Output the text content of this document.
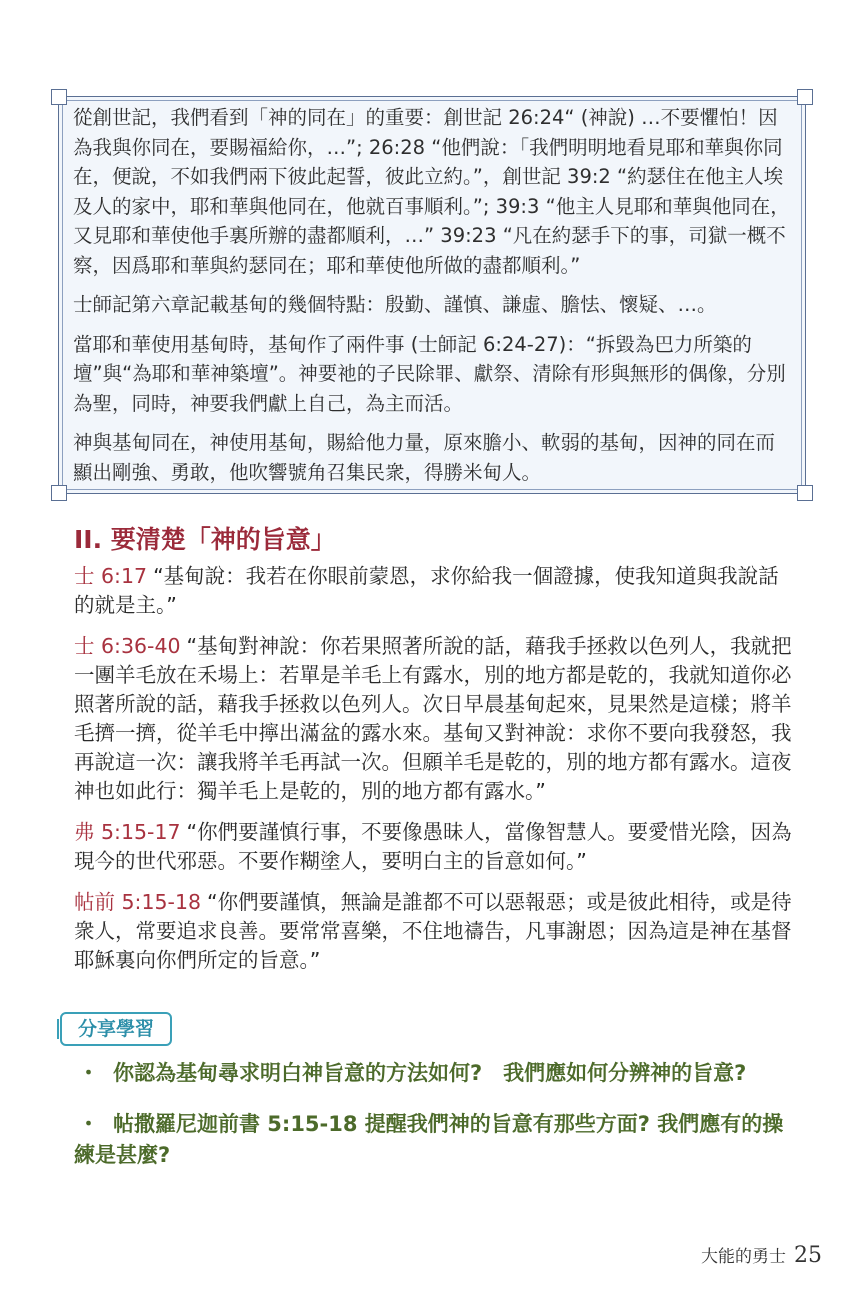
從創世記，我們看到「神的同在」的重要：創世記 26:24“ (神說) …不要懼怕！因為我與你同在，要賜福給你，…”; 26:28 “他們說：「我們明明地看見耶和華與你同在，便說，不如我們兩下彼此起誓，彼此立約。”，創世記 39:2 “約瑟住在他主人埃及人的家中，耶和華與他同在，他就百事順利。”; 39:3 “他主人見耶和華與他同在，又見耶和華使他手裏所辦的盡都順利，…” 39:23 “凡在約瑟手下的事，司獄一概不察，因爲耶和華與約瑟同在；耶和華使他所做的盡都順利。”

士師記第六章記載基甸的幾個特點：殷勤、謹慎、謙虛、膽怯、懷疑、…。

當耶和華使用基甸時，基甸作了兩件事 (士師記 6:24-27)：“拆毀為巴力所築的壇”與“為耶和華神築壇”。神要祂的子民除罪、獻祭、清除有形與無形的偶像，分別為聖，同時，神要我們獻上自己，為主而活。

神與基甸同在，神使用基甸，賜給他力量，原來膽小、軟弱的基甸，因神的同在而顯出剛強、勇敢，他吹響號角召集民衆，得勝米甸人。

II. 要清楚「神的旨意」

士 6:17 “基甸說：我若在你眼前蒙恩，求你給我一個證據，使我知道與我說話的就是主。”

士 6:36-40 “基甸對神說：你若果照著所說的話，藉我手拯救以色列人，我就把一團羊毛放在禾場上：若單是羊毛上有露水，別的地方都是乾的，我就知道你必照著所說的話，藉我手拯救以色列人。次日早晨基甸起來，見果然是這樣；將羊毛擠一擠，從羊毛中擰出滿盆的露水來。基甸又對神說：求你不要向我發怒，我再說這一次：讓我將羊毛再試一次。但願羊毛是乾的，別的地方都有露水。這夜神也如此行：獨羊毛上是乾的，別的地方都有露水。”

弗 5:15-17 “你們要謹慎行事，不要像愚昧人，當像智慧人。要愛惜光陰，因為現今的世代邪惡。不要作糊塗人，要明白主的旨意如何。”

帖前 5:15-18 “你們要謹慎，無論是誰都不可以惡報惡；或是彼此相待，或是待衆人，常要追求良善。要常常喜樂，不住地禱告，凡事謝恩；因為這是神在基督耶穌裏向你們所定的旨意。”

分享學習
・ 你認為基甸尋求明白神旨意的方法如何?　我們應如何分辨神的旨意?
・ 帖撒羅尼迦前書 5:15-18 提醒我們神的旨意有那些方面? 我們應有的操練是甚麼?
大能的勇士 25
